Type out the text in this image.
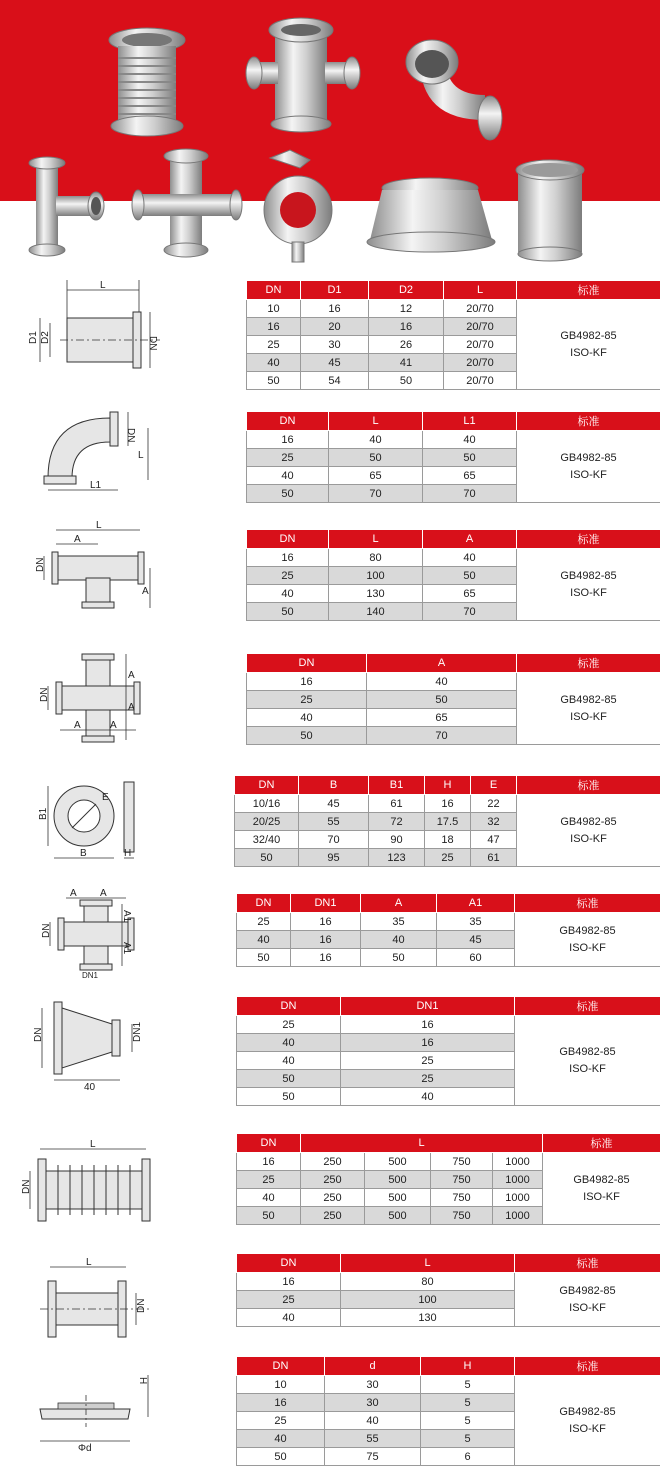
L
D1 D2	DN
DN	D1	D2	L	标准
10	16	12	20/70	GB4982-85
ISO-KF

16	20	16	20/70	
25	30	26	20/70	
40	45	41	20/70	
50	54	50	20/70	
DN
L
L1
DN	L	L1	标准
16	40	40	GB4982-85
ISO-KF

25	50	50	
40	65	65	
50	70	70	
L
A
DN
A
DN	L	A	标准
16	80	40	GB4982-85
ISO-KF

25	100	50	
40	130	65	
50	140	70	
DN
A
A
A	A
DN	A	标准
16	40	GB4982-85
ISO-KF

25	50	
40	65	
50	70	
B1
B	H
E
DN	B	B1	H	E	标准
10/16	45	61	16	22	GB4982-85
ISO-KF

20/25	55	72	17.5	32	
32/40	70	90	18	47	
50	95	123	25	61	
A A
DN
A1
A1
DN1
DN	DN1	A	A1	标准
25	16	35	35	GB4982-85
ISO-KF

40	16	40	45	
50	16	50	60	
DN	DN1
40
DN	DN1	标准
25	16	GB4982-85
ISO-KF

40	16	
40	25	
50	25	
50	40	
L
DN
DN	L				标准
16	250	500	750	1000	GB4982-85
ISO-KF

25	250	500	750	1000	
40	250	500	750	1000	
50	250	500	750	1000	
L
DN
DN	L	标准
16	80	GB4982-85
ISO-KF

25	100	
40	130	
H
Φd
DN	d	H	标准
10	30	5	GB4982-85
ISO-KF

16	30	5	
25	40	5	
40	55	5	
50	75	6	
